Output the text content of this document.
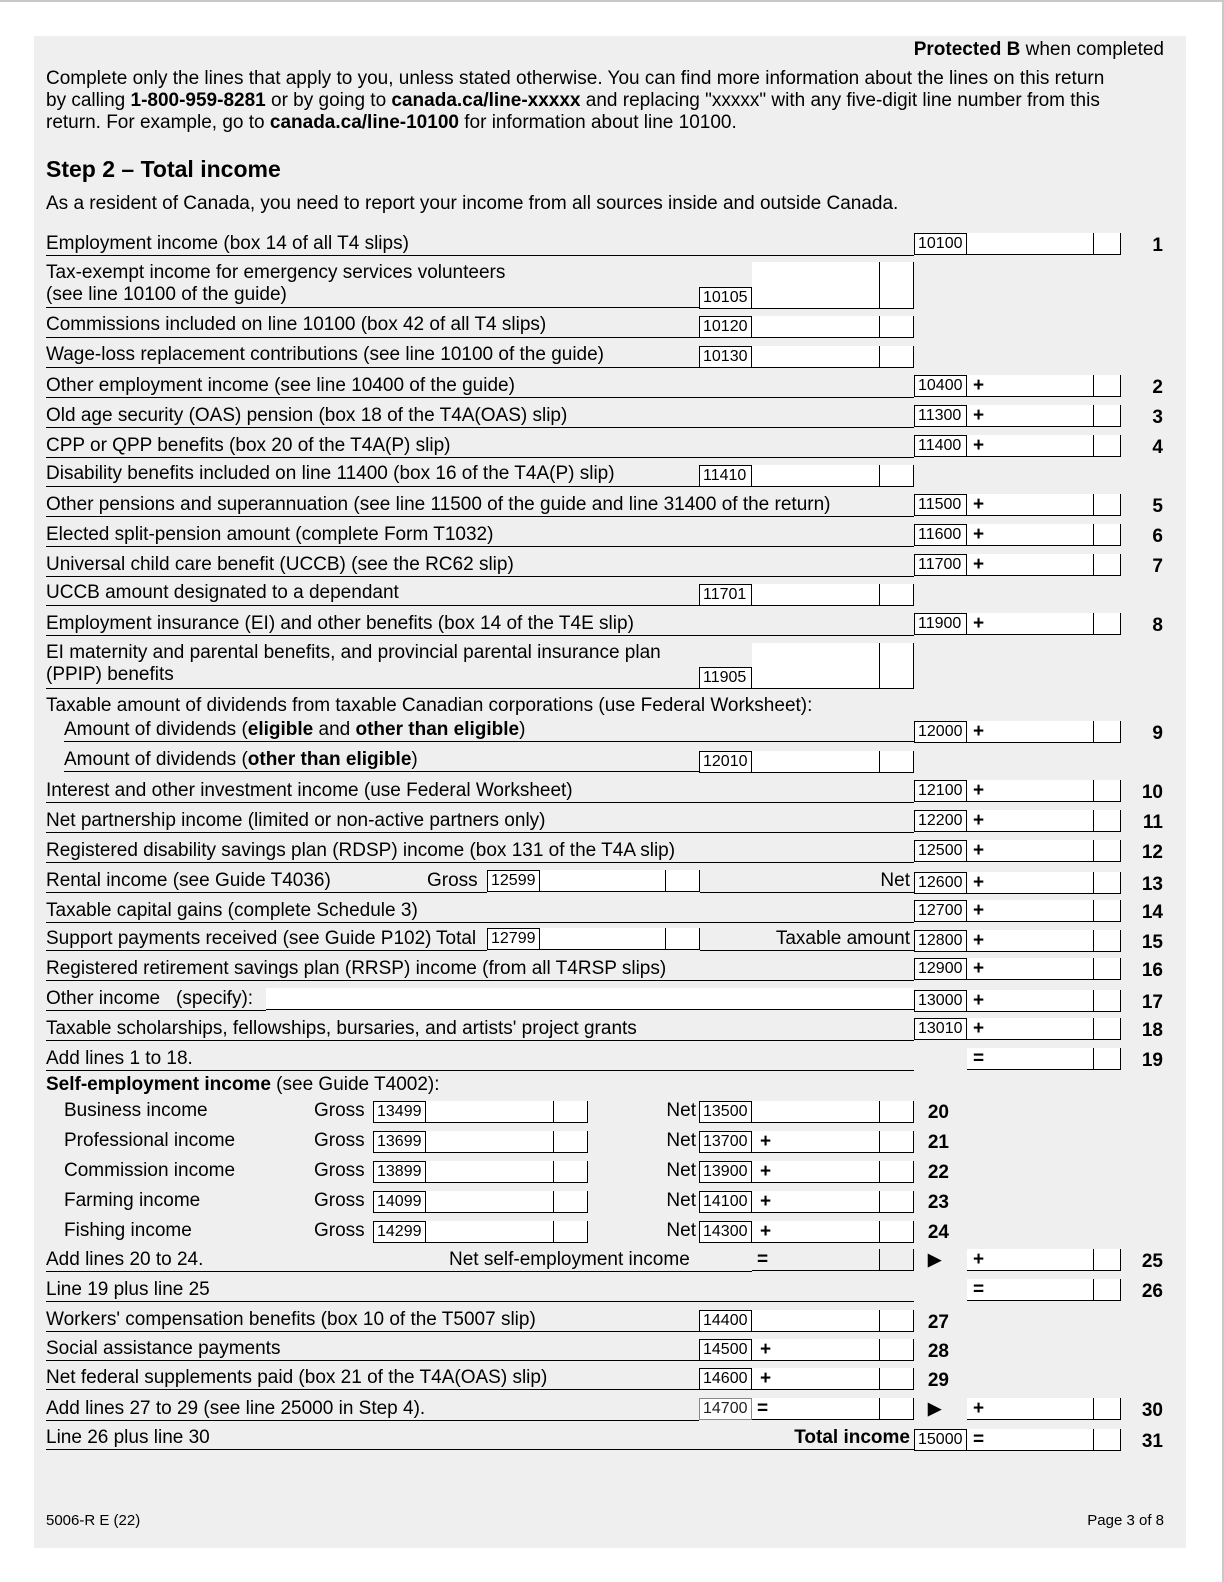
Protected B when completed
Complete only the lines that apply to you, unless stated otherwise. You can find more information about the lines on this return
by calling 1-800-959-8281 or by going to canada.ca/line-xxxxx and replacing "xxxxx" with any five-digit line number from this
return. For example, go to canada.ca/line-10100 for information about line 10100.
Step 2 – Total income
As a resident of Canada, you need to report your income from all sources inside and outside Canada.
Employment income (box 14 of all T4 slips)	10100	1
Tax-exempt income for emergency services volunteers
(see line 10100 of the guide)	10105
Commissions included on line 10100 (box 42 of all T4 slips)	10120
Wage-loss replacement contributions (see line 10100 of the guide)	10130
Other employment income (see line 10400 of the guide)	10400 +	2
Old age security (OAS) pension (box 18 of the T4A(OAS) slip)	11300 +	3
CPP or QPP benefits (box 20 of the T4A(P) slip)	11400 +	4
Disability benefits included on line 11400 (box 16 of the T4A(P) slip)	11410
Other pensions and superannuation (see line 11500 of the guide and line 31400 of the return)	11500 +	5
Elected split-pension amount (complete Form T1032)	11600 +	6
Universal child care benefit (UCCB) (see the RC62 slip)	11700 +	7
UCCB amount designated to a dependant	11701
Employment insurance (EI) and other benefits (box 14 of the T4E slip)	11900 +	8
EI maternity and parental benefits, and provincial parental insurance plan
(PPIP) benefits	11905
Taxable amount of dividends from taxable Canadian corporations (use Federal Worksheet):
Amount of dividends (eligible and other than eligible)	12000 +	9
Amount of dividends (other than eligible)	12010
Interest and other investment income (use Federal Worksheet)	12100 +	10
Net partnership income (limited or non-active partners only)	12200 +	11
Registered disability savings plan (RDSP) income (box 131 of the T4A slip)	12500 +	12
Rental income (see Guide T4036)	Gross 12599	Net 12600 +	13
Taxable capital gains (complete Schedule 3)	12700 +	14
Support payments received (see Guide P102) Total 12799	Taxable amount 12800 +	15
Registered retirement savings plan (RRSP) income (from all T4RSP slips)	12900 +	16
Other income (specify):	13000 +	17
Taxable scholarships, fellowships, bursaries, and artists' project grants	13010 +	18
Add lines 1 to 18.	=	19
Self-employment income (see Guide T4002):
Business income	Gross 13499	Net 13500	20
Professional income	Gross 13699	Net 13700 +	21
Commission income	Gross 13899	Net 13900 +	22
Farming income	Gross 14099	Net 14100 +	23
Fishing income	Gross 14299	Net 14300 +	24
Add lines 20 to 24.	Net self-employment income	=	▶ +	25
Line 19 plus line 25	=	26
Workers' compensation benefits (box 10 of the T5007 slip)	14400	27
Social assistance payments	14500 +	28
Net federal supplements paid (box 21 of the T4A(OAS) slip)	14600 +	29
Add lines 27 to 29 (see line 25000 in Step 4).	14700 =	▶ +	30
Line 26 plus line 30	Total income 15000 =	31
5006-R E (22)	Page 3 of 8
